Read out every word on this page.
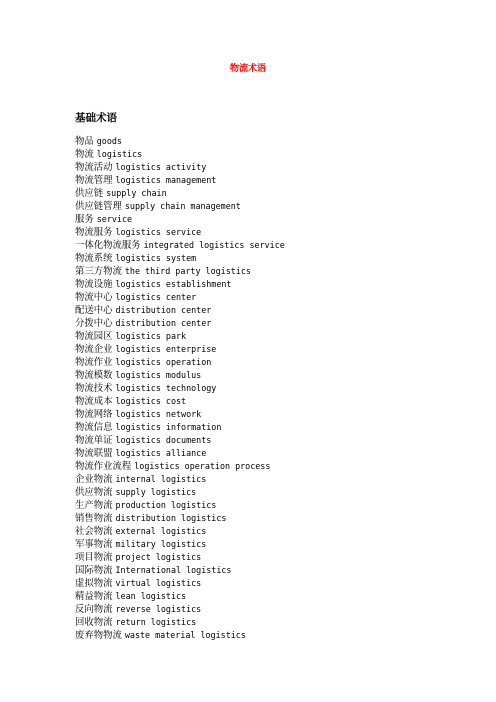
物流术语
基础术语
物品 goods
物流 logistics
物流活动 logistics activity
物流管理 logistics management
供应链 supply chain
供应链管理 supply chain management
服务 service
物流服务 logistics service
一体化物流服务 integrated logistics service
物流系统 logistics system
第三方物流 the third party logistics
物流设施 logistics establishment
物流中心 logistics center
配送中心 distribution center
分拨中心 distribution center
物流园区 logistics park
物流企业 logistics enterprise
物流作业 logistics operation
物流模数 logistics modulus
物流技术 logistics technology
物流成本 logistics cost
物流网络 logistics network
物流信息 logistics information
物流单证 logistics documents
物流联盟 logistics alliance
物流作业流程 logistics operation process
企业物流 internal logistics
供应物流 supply logistics
生产物流 production logistics
销售物流 distribution logistics
社会物流 external logistics
军事物流 military logistics
项目物流 project logistics
国际物流 International logistics
虚拟物流 virtual logistics
精益物流 lean logistics
反向物流 reverse logistics
回收物流 return logistics
废弃物物流 waste material logistics
